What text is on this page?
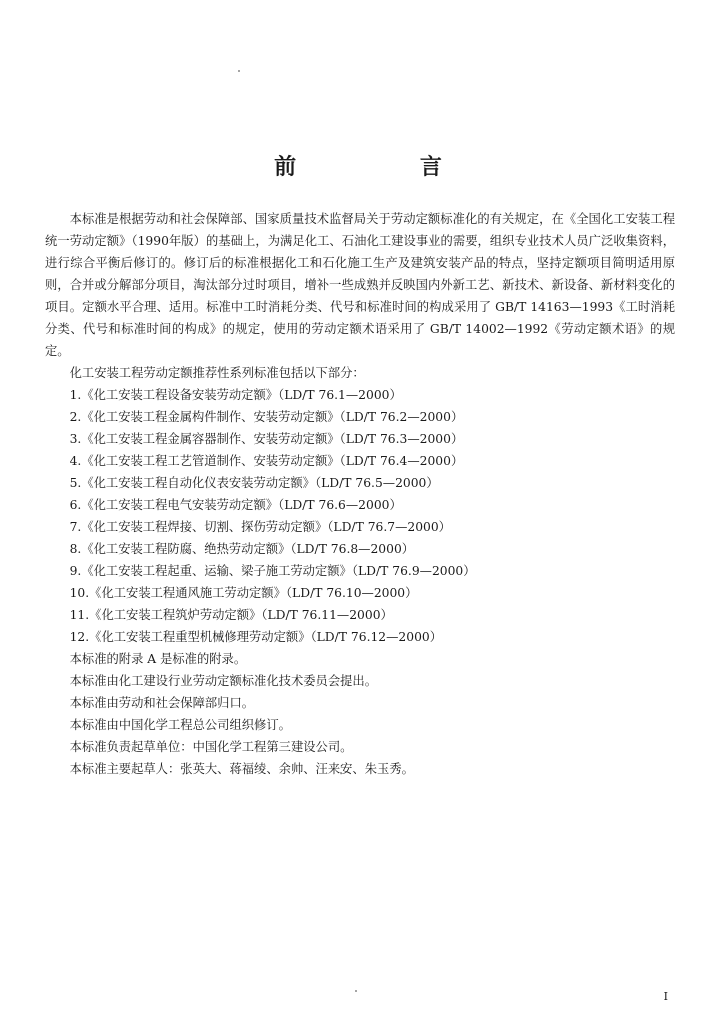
前 言

本标准是根据劳动和社会保障部、国家质量技术监督局关于劳动定额标准化的有关规定，在《全国化工安装工程统一劳动定额》（1990年版）的基础上，为满足化工、石油化工建设事业的需要，组织专业技术人员广泛收集资料，进行综合平衡后修订的。修订后的标准根据化工和石化施工生产及建筑安装产品的特点，坚持定额项目简明适用原则，合并或分解部分项目，淘汰部分过时项目，增补一些成熟并反映国内外新工艺、新技术、新设备、新材料变化的项目。定额水平合理、适用。标准中工时消耗分类、代号和标准时间的构成采用了 GB/T 14163—1993《工时消耗分类、代号和标准时间的构成》的规定，使用的劳动定额术语采用了 GB/T 14002—1992《劳动定额术语》的规定。

化工安装工程劳动定额推荐性系列标准包括以下部分：

1.《化工安装工程设备安装劳动定额》（LD/T 76.1—2000）

2.《化工安装工程金属构件制作、安装劳动定额》（LD/T 76.2—2000）

3.《化工安装工程金属容器制作、安装劳动定额》（LD/T 76.3—2000）

4.《化工安装工程工艺管道制作、安装劳动定额》（LD/T 76.4—2000）

5.《化工安装工程自动化仪表安装劳动定额》（LD/T 76.5—2000）

6.《化工安装工程电气安装劳动定额》（LD/T 76.6—2000）

7.《化工安装工程焊接、切割、探伤劳动定额》（LD/T 76.7—2000）

8.《化工安装工程防腐、绝热劳动定额》（LD/T 76.8—2000）

9.《化工安装工程起重、运输、梁子施工劳动定额》（LD/T 76.9—2000）

10.《化工安装工程通风施工劳动定额》（LD/T 76.10—2000）

11.《化工安装工程筑炉劳动定额》（LD/T 76.11—2000）

12.《化工安装工程重型机械修理劳动定额》（LD/T 76.12—2000）

本标准的附录 A 是标准的附录。

本标准由化工建设行业劳动定额标准化技术委员会提出。

本标准由劳动和社会保障部归口。

本标准由中国化学工程总公司组织修订。

本标准负责起草单位：中国化学工程第三建设公司。

本标准主要起草人：张英大、蒋福绫、余帅、汪来安、朱玉秀。

I
